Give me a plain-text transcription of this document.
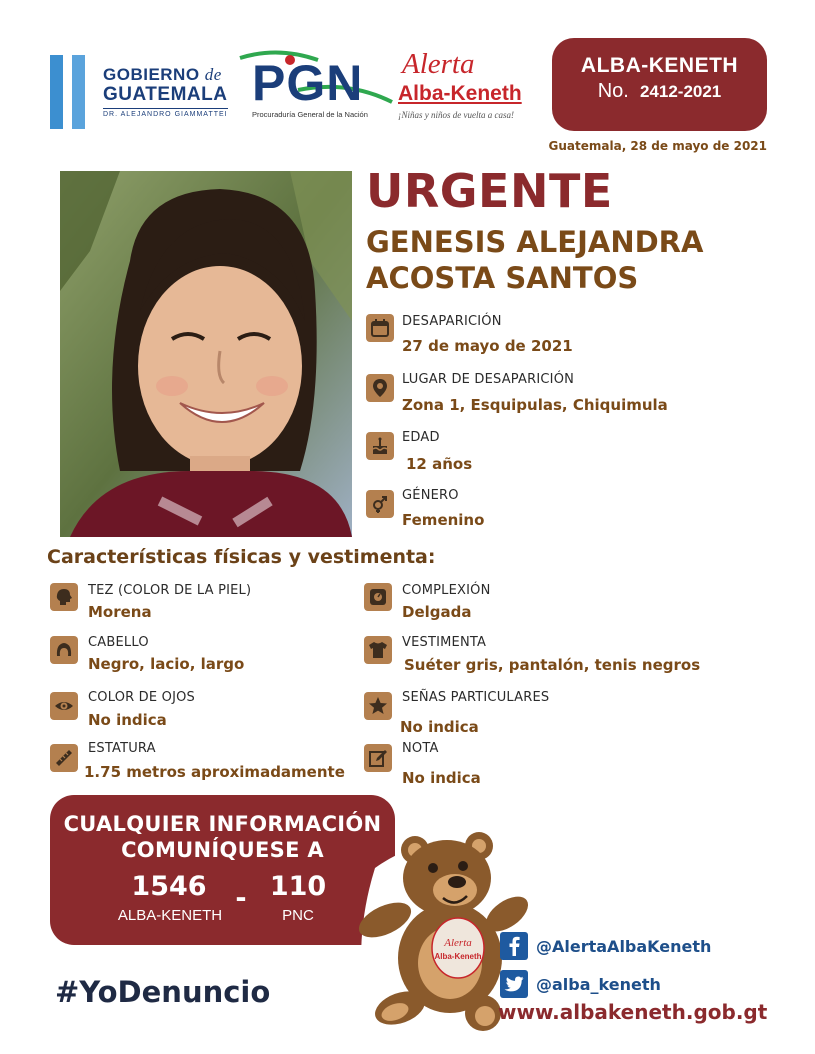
GOBIERNO de
GUATEMALA
DR. ALEJANDRO GIAMMATTEI
PGN
Procuraduría General de la Nación
Alerta
Alba-Keneth
¡Niñas y niños de vuelta a casa!
ALBA-KENETH
No. 2412-2021
Guatemala, 28 de mayo de 2021
URGENTE
GENESIS ALEJANDRA
ACOSTA SANTOS
DESAPARICIÓN
27 de mayo de 2021
LUGAR DE DESAPARICIÓN
Zona 1, Esquipulas, Chiquimula
EDAD
12 años
GÉNERO
Femenino
Características físicas y vestimenta:
TEZ (COLOR DE LA PIEL)
Morena
CABELLO
Negro, lacio, largo
COLOR DE OJOS
No indica
ESTATURA
1.75 metros aproximadamente
COMPLEXIÓN
Delgada
VESTIMENTA
Suéter gris, pantalón, tenis negros
SEÑAS PARTICULARES
No indica
NOTA
No indica
CUALQUIER INFORMACIÓN
COMUNÍQUESE A
1546
ALBA-KENETH
- 110
PNC
Alerta
Alba-Keneth
#YoDenuncio
@AlertaAlbaKeneth
@alba_keneth
www.albakeneth.gob.gt
